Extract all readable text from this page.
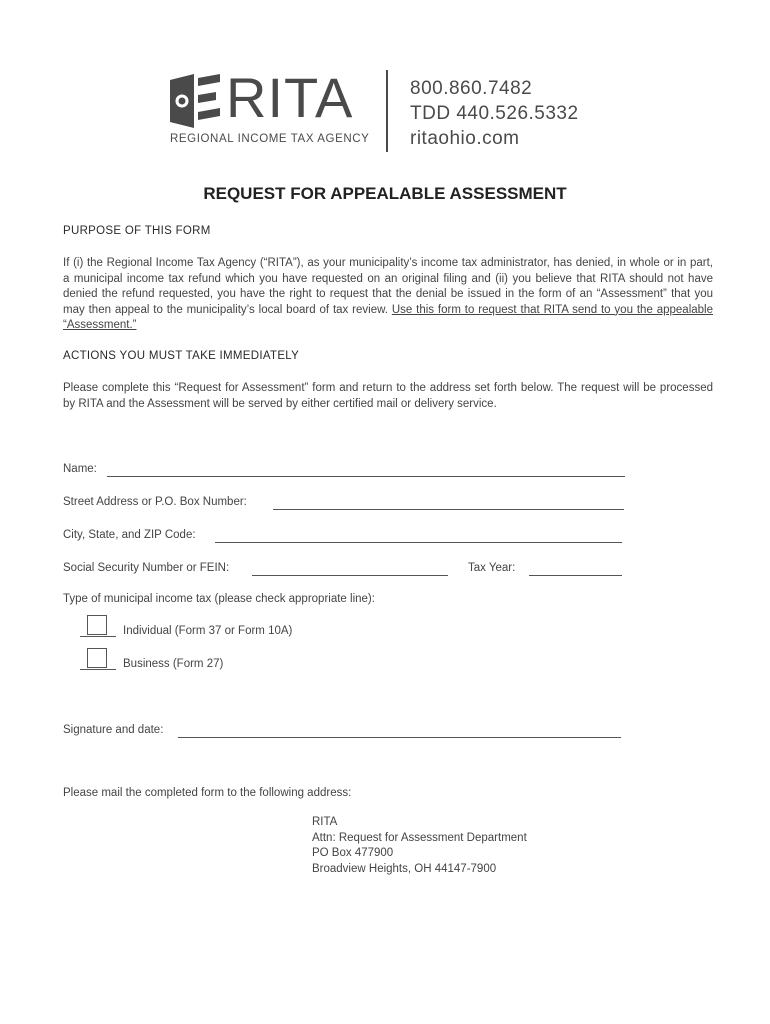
RITA
REGIONAL INCOME TAX AGENCY
800.860.7482
TDD 440.526.5332
ritaohio.com
REQUEST FOR APPEALABLE ASSESSMENT
PURPOSE OF THIS FORM
If (i) the Regional Income Tax Agency (“RITA”), as your municipality’s income tax administrator, has denied, in whole or in part, a municipal income tax refund which you have requested on an original filing and (ii) you believe that RITA should not have denied the refund requested, you have the right to request that the denial be issued in the form of an “Assessment” that you may then appeal to the municipality’s local board of tax review. Use this form to request that RITA send to you the appealable “Assessment.”
ACTIONS YOU MUST TAKE IMMEDIATELY
Please complete this “Request for Assessment” form and return to the address set forth below. The request will be processed by RITA and the Assessment will be served by either certified mail or delivery service.
Name:
Street Address or P.O. Box Number:
City, State, and ZIP Code:
Social Security Number or FEIN:	Tax Year:
Type of municipal income tax (please check appropriate line):
Individual (Form 37 or Form 10A)
Business (Form 27)
Signature and date:
Please mail the completed form to the following address:
RITA
Attn: Request for Assessment Department
PO Box 477900
Broadview Heights, OH 44147-7900
